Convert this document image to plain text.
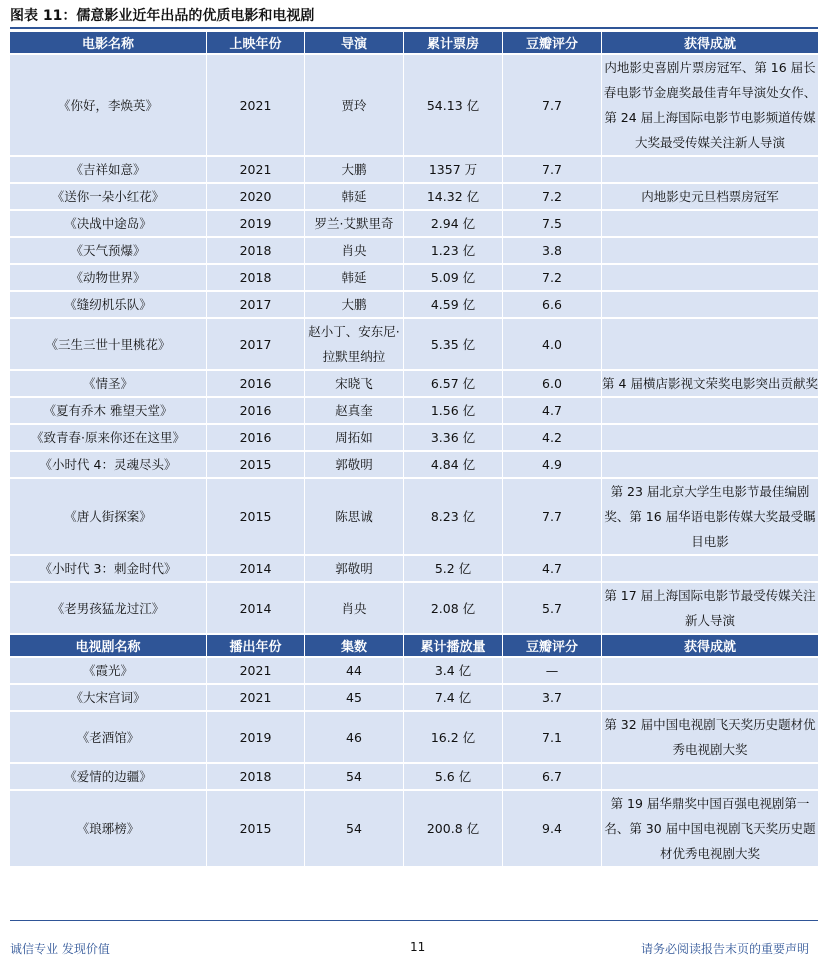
图表 11：儒意影业近年出品的优质电影和电视剧
电影名称	上映年份	导演	累计票房	豆瓣评分	获得成就
《你好，李焕英》	2021	贾玲	54.13 亿	7.7	内地影史喜剧片票房冠军、第 16 届长春电影节金鹿奖最佳青年导演处女作、第 24 届上海国际电影节电影频道传媒大奖最受传媒关注新人导演
《吉祥如意》	2021	大鹏	1357 万	7.7	
《送你一朵小红花》	2020	韩延	14.32 亿	7.2	内地影史元旦档票房冠军
《决战中途岛》	2019	罗兰·艾默里奇	2.94 亿	7.5	
《天气预爆》	2018	肖央	1.23 亿	3.8	
《动物世界》	2018	韩延	5.09 亿	7.2	
《缝纫机乐队》	2017	大鹏	4.59 亿	6.6	
《三生三世十里桃花》	2017	赵小丁、安东尼·拉默里纳拉	5.35 亿	4.0	
《情圣》	2016	宋晓飞	6.57 亿	6.0	第 4 届横店影视文荣奖电影突出贡献奖
《夏有乔木 雅望天堂》	2016	赵真奎	1.56 亿	4.7	
《致青春·原来你还在这里》	2016	周拓如	3.36 亿	4.2	
《小时代 4：灵魂尽头》	2015	郭敬明	4.84 亿	4.9	
《唐人街探案》	2015	陈思诚	8.23 亿	7.7	第 23 届北京大学生电影节最佳编剧奖、第 16 届华语电影传媒大奖最受瞩目电影
《小时代 3：刺金时代》	2014	郭敬明	5.2 亿	4.7	
《老男孩猛龙过江》	2014	肖央	2.08 亿	5.7	第 17 届上海国际电影节最受传媒关注新人导演
电视剧名称	播出年份	集数	累计播放量	豆瓣评分	获得成就
《霞光》	2021	44	3.4 亿	—	
《大宋宫词》	2021	45	7.4 亿	3.7	
《老酒馆》	2019	46	16.2 亿	7.1	第 32 届中国电视剧飞天奖历史题材优秀电视剧大奖
《爱情的边疆》	2018	54	5.6 亿	6.7	
《琅琊榜》	2015	54	200.8 亿	9.4	第 19 届华鼎奖中国百强电视剧第一名、第 30 届中国电视剧飞天奖历史题材优秀电视剧大奖
诚信专业 发现价值	11	请务必阅读报告末页的重要声明
